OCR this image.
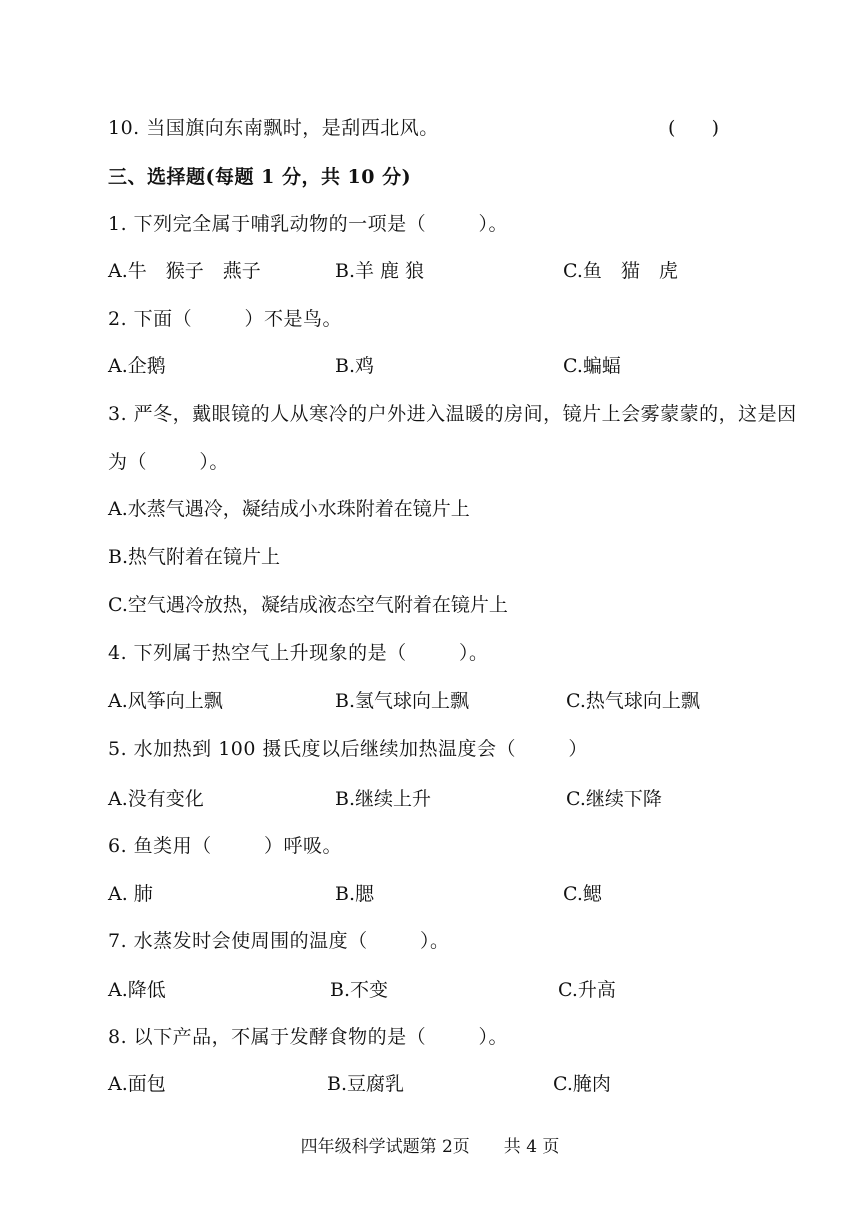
10. 当国旗向东南飘时，是刮西北风。	(      )
三、选择题(每题 1 分，共 10 分)
1. 下列完全属于哺乳动物的一项是（        ）。
A.牛　猴子　燕子	B.羊 鹿 狼	C.鱼　猫　虎
2. 下面（        ）不是鸟。
A.企鹅	B.鸡	C.蝙蝠
3. 严冬，戴眼镜的人从寒冷的户外进入温暖的房间，镜片上会雾蒙蒙的，这是因
为（        ）。
A.水蒸气遇冷，凝结成小水珠附着在镜片上
B.热气附着在镜片上
C.空气遇冷放热，凝结成液态空气附着在镜片上
4. 下列属于热空气上升现象的是（        ）。
A.风筝向上飘	B.氢气球向上飘	C.热气球向上飘
5. 水加热到 100 摄氏度以后继续加热温度会（        ）
A.没有变化	B.继续上升	C.继续下降
6. 鱼类用（        ）呼吸。
A. 肺	B.腮	C.鳃
7. 水蒸发时会使周围的温度（        ）。
A.降低	B.不变	C.升高
8. 以下产品，不属于发酵食物的是（        ）。
A.面包	B.豆腐乳	C.腌肉
四年级科学试题第 2页　　共 4 页
